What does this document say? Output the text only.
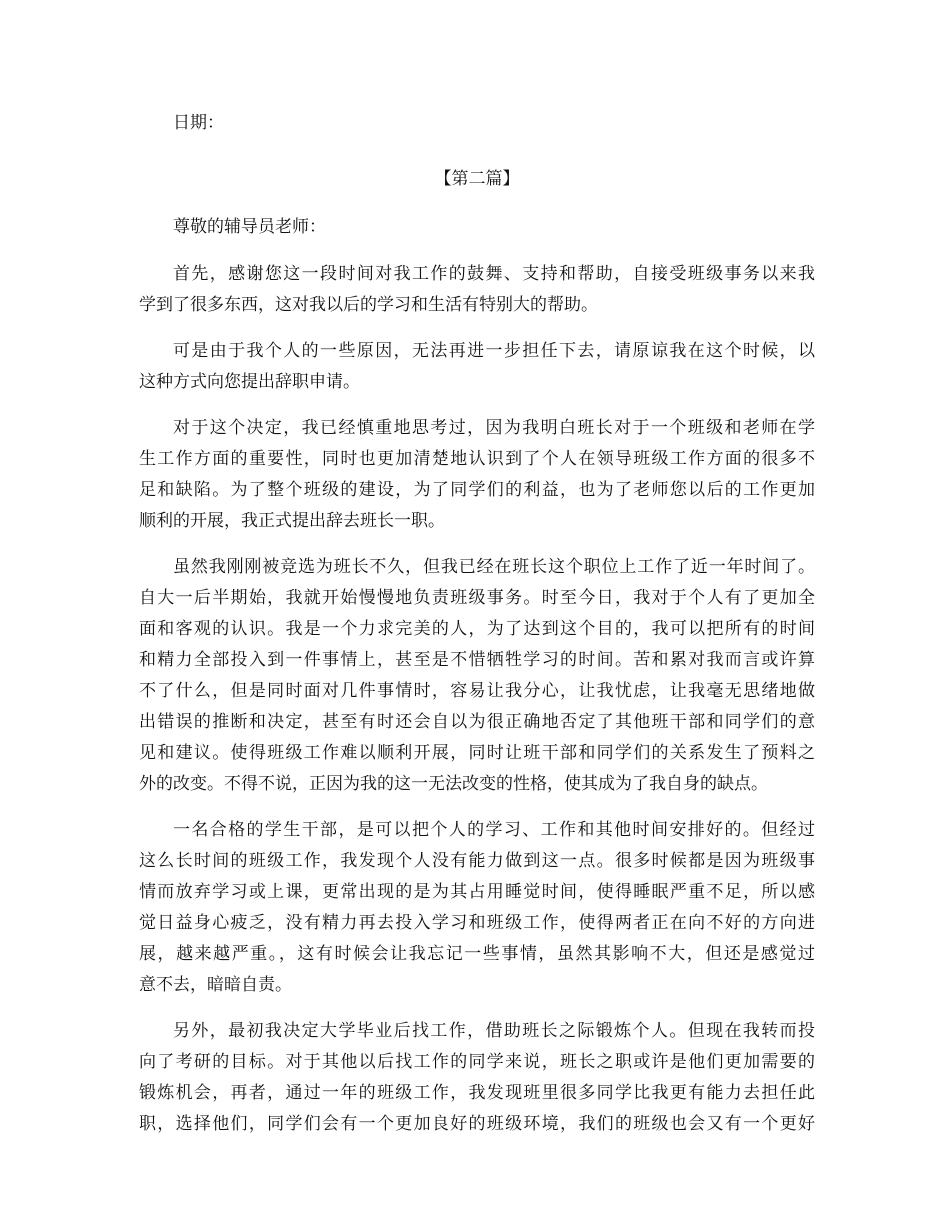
日期：
【第二篇】
尊敬的辅导员老师：
首先，感谢您这一段时间对我工作的鼓舞、支持和帮助，自接受班级事务以来我
学到了很多东西，这对我以后的学习和生活有特别大的帮助。
可是由于我个人的一些原因，无法再进一步担任下去，请原谅我在这个时候，以
这种方式向您提出辞职申请。
对于这个决定，我已经慎重地思考过，因为我明白班长对于一个班级和老师在学
生工作方面的重要性，同时也更加清楚地认识到了个人在领导班级工作方面的很多不
足和缺陷。为了整个班级的建设，为了同学们的利益，也为了老师您以后的工作更加
顺利的开展，我正式提出辞去班长一职。
虽然我刚刚被竞选为班长不久，但我已经在班长这个职位上工作了近一年时间了。
自大一后半期始，我就开始慢慢地负责班级事务。时至今日，我对于个人有了更加全
面和客观的认识。我是一个力求完美的人，为了达到这个目的，我可以把所有的时间
和精力全部投入到一件事情上，甚至是不惜牺牲学习的时间。苦和累对我而言或许算
不了什么，但是同时面对几件事情时，容易让我分心，让我忧虑，让我毫无思绪地做
出错误的推断和决定，甚至有时还会自以为很正确地否定了其他班干部和同学们的意
见和建议。使得班级工作难以顺利开展，同时让班干部和同学们的关系发生了预料之
外的改变。不得不说，正因为我的这一无法改变的性格，使其成为了我自身的缺点。
一名合格的学生干部，是可以把个人的学习、工作和其他时间安排好的。但经过
这么长时间的班级工作，我发现个人没有能力做到这一点。很多时候都是因为班级事
情而放弃学习或上课，更常出现的是为其占用睡觉时间，使得睡眠严重不足，所以感
觉日益身心疲乏，没有精力再去投入学习和班级工作，使得两者正在向不好的方向进
展，越来越严重。，这有时候会让我忘记一些事情，虽然其影响不大，但还是感觉过
意不去，暗暗自责。
另外，最初我决定大学毕业后找工作，借助班长之际锻炼个人。但现在我转而投
向了考研的目标。对于其他以后找工作的同学来说，班长之职或许是他们更加需要的
锻炼机会，再者，通过一年的班级工作，我发现班里很多同学比我更有能力去担任此
职，选择他们，同学们会有一个更加良好的班级环境，我们的班级也会又有一个更好
